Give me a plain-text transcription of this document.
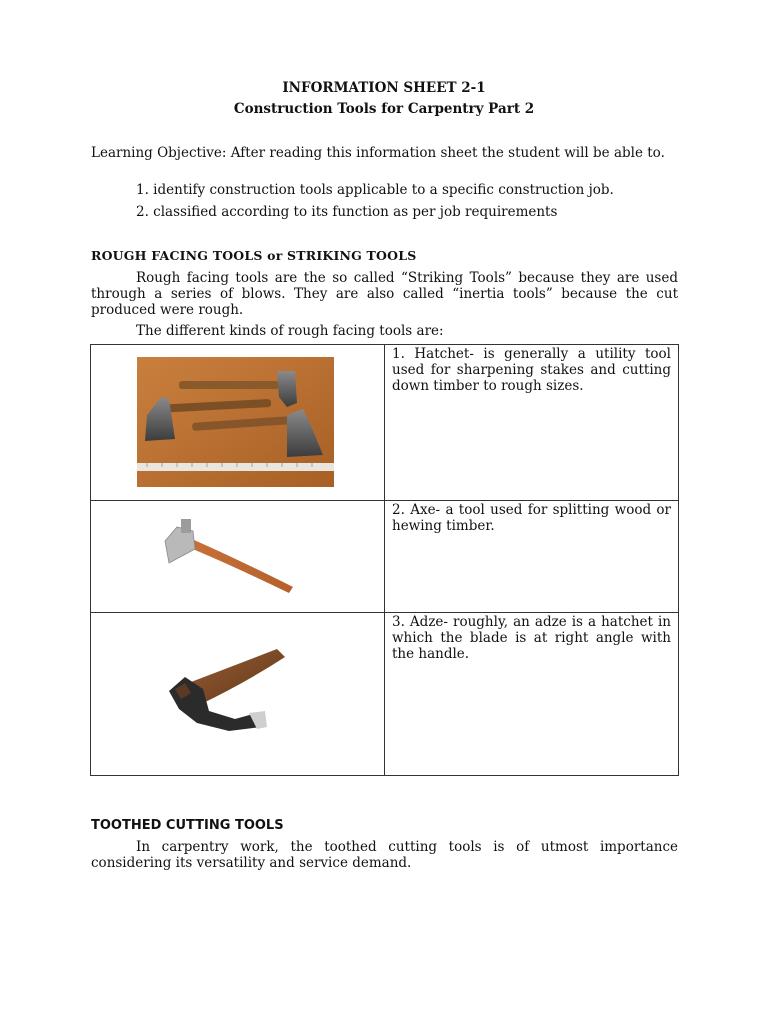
INFORMATION SHEET 2-1
Construction Tools for Carpentry Part 2
Learning Objective: After reading this information sheet the student will be able to.
1. identify construction tools applicable to a specific construction job.
2. classified according to its function as per job requirements
ROUGH FACING TOOLS or STRIKING TOOLS
Rough facing tools are the so called “Striking Tools” because they are used through a series of blows. They are also called “inertia tools” because the cut produced were rough.
The different kinds of rough facing tools are:
	1. Hatchet- is generally a utility tool used for sharpening stakes and cutting down timber to rough sizes.

	2. Axe- a tool used for splitting wood or hewing timber.

	3. Adze- roughly, an adze is a hatchet in which the blade is at right angle with the handle.
TOOTHED CUTTING TOOLS
In carpentry work, the toothed cutting tools is of utmost importance considering its versatility and service demand.
